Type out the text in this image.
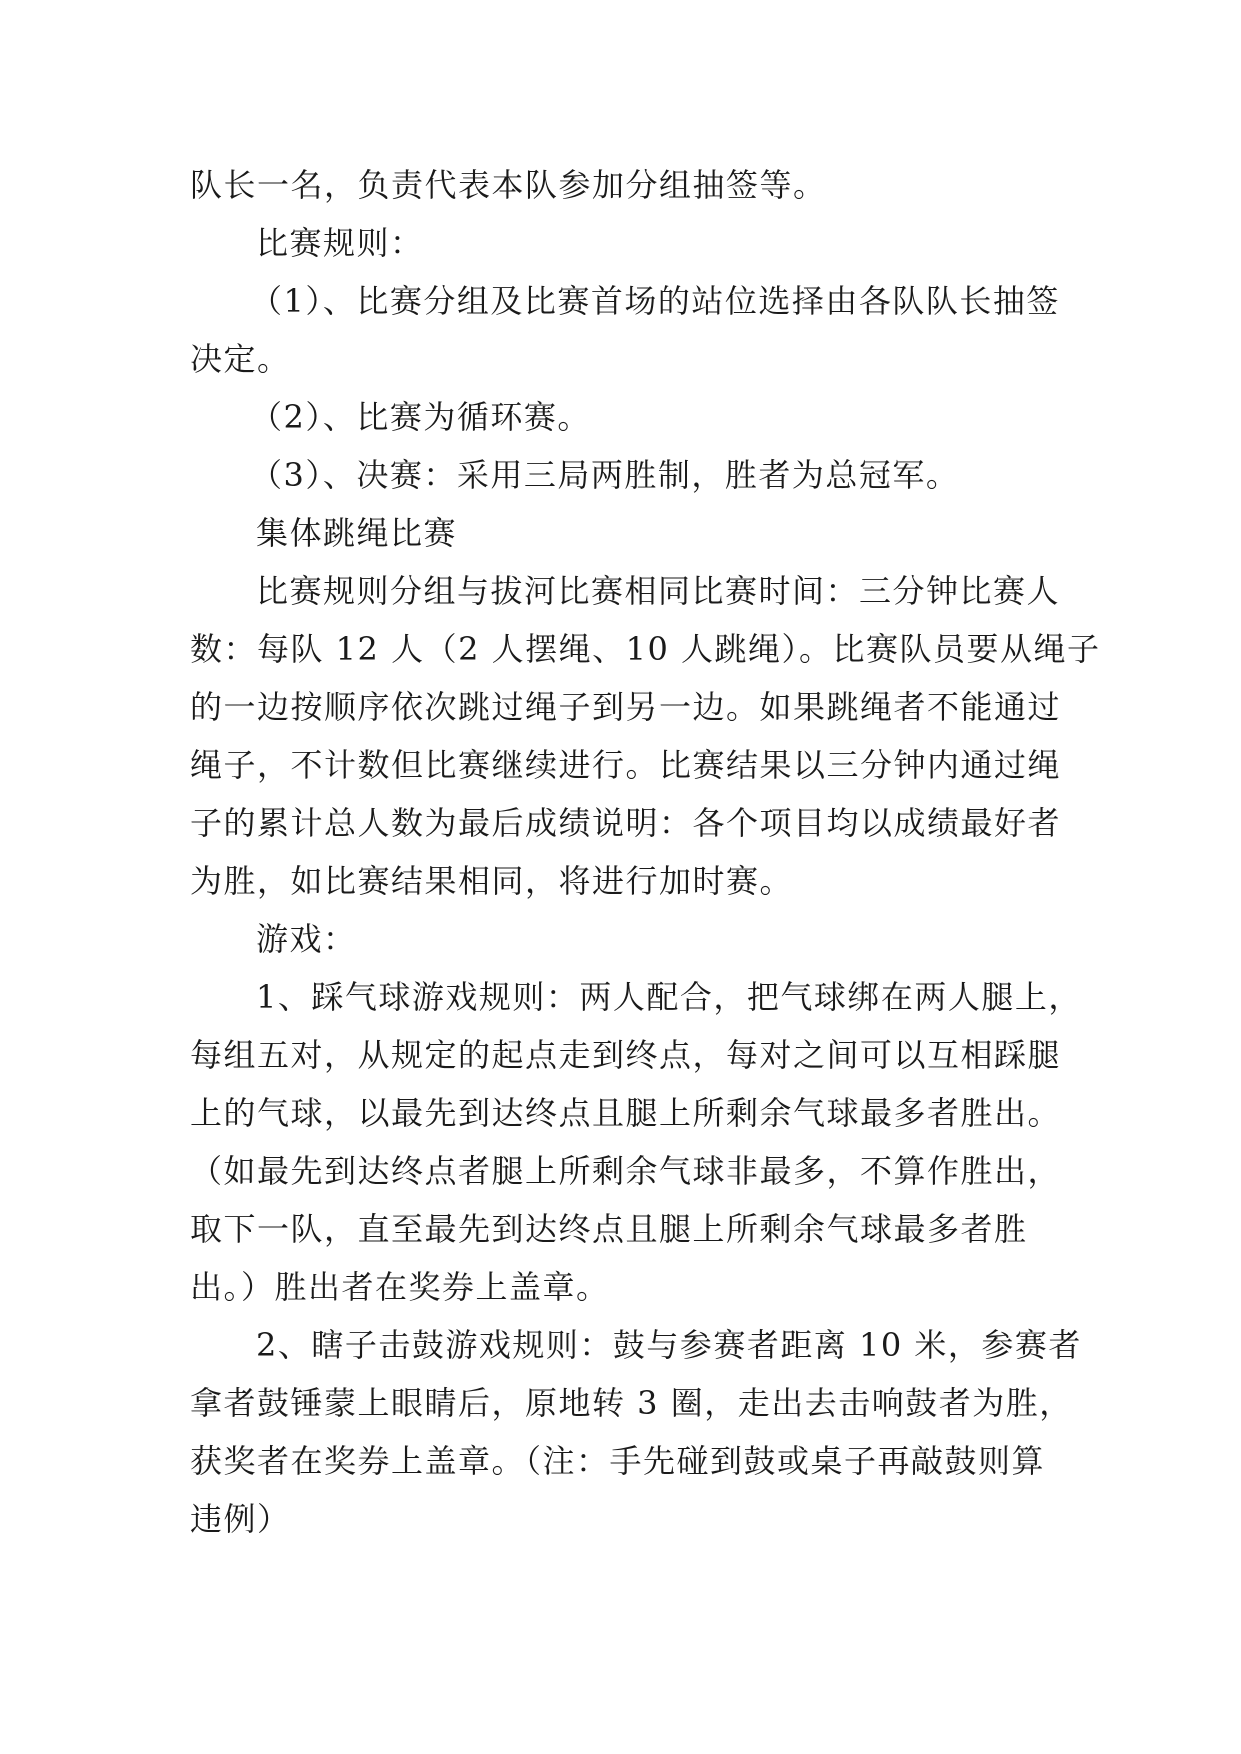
队长一名，负责代表本队参加分组抽签等。
比赛规则：
（1）、比赛分组及比赛首场的站位选择由各队队长抽签
决定。
（2）、比赛为循环赛。
（3）、决赛：采用三局两胜制，胜者为总冠军。
集体跳绳比赛
比赛规则分组与拔河比赛相同比赛时间：三分钟比赛人
数：每队 12 人（2 人摆绳、10 人跳绳）。比赛队员要从绳子
的一边按顺序依次跳过绳子到另一边。如果跳绳者不能通过
绳子，不计数但比赛继续进行。比赛结果以三分钟内通过绳
子的累计总人数为最后成绩说明：各个项目均以成绩最好者
为胜，如比赛结果相同，将进行加时赛。
游戏：
1、踩气球游戏规则：两人配合，把气球绑在两人腿上，
每组五对，从规定的起点走到终点，每对之间可以互相踩腿
上的气球，以最先到达终点且腿上所剩余气球最多者胜出。
（如最先到达终点者腿上所剩余气球非最多，不算作胜出，
取下一队，直至最先到达终点且腿上所剩余气球最多者胜
出。）胜出者在奖券上盖章。
2、瞎子击鼓游戏规则：鼓与参赛者距离 10 米，参赛者
拿者鼓锤蒙上眼睛后，原地转 3 圈，走出去击响鼓者为胜，
获奖者在奖券上盖章。（注：手先碰到鼓或桌子再敲鼓则算
违例）
